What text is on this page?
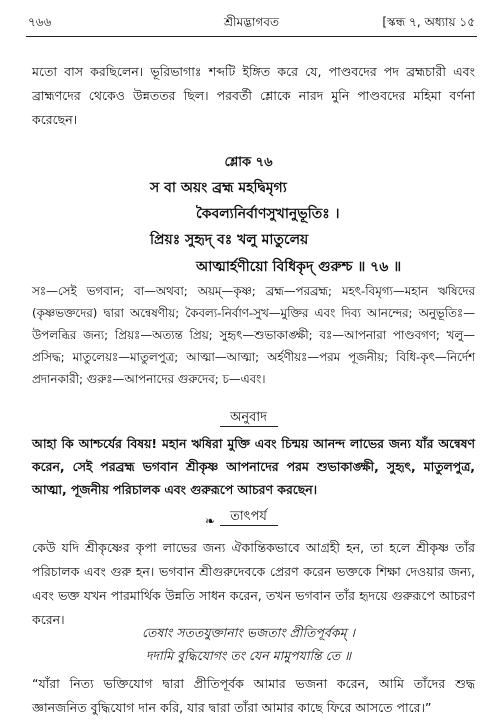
৭৬৬	শ্রীমদ্ভাগবত	[স্কন্ধ ৭, অধ্যায় ১৫
মতো বাস করছিলেন। ভূরিভাগাঃ শব্দটি ইঙ্গিত করে যে, পাণ্ডবদের পদ ব্রহ্মচারী এবং ব্রাহ্মণদের থেকেও উন্নততর ছিল। পরবর্তী শ্লোকে নারদ মুনি পাণ্ডবদের মহিমা বর্ণনা করেছেন।
শ্লোক ৭৬
স বা অয়ং ব্রহ্ম মহদ্বিমৃগ্য
কৈবল্যনির্বাণসুখানুভূতিঃ ।
প্রিয়ঃ সুহৃদ্ বঃ খলু মাতুলেয়
আত্মার্হণীয়ো বিধিকৃদ্ গুরুশ্চ ॥ ৭৬ ॥
সঃ—সেই ভগবান; বা—অথবা; অয়ম্—কৃষ্ণ; ব্রহ্ম—পরব্রহ্ম; মহৎ-বিমৃগ্য—মহান ঋষিদের (কৃষ্ণভক্তদের) দ্বারা অন্বেষণীয়; কৈবল্য-নির্বাণ-সুখ—মুক্তির এবং দিব্য আনন্দের; অনুভূতিঃ—উপলব্ধির জন্য; প্রিয়ঃ—অত্যন্ত প্রিয়; সুহৃৎ—শুভাকাঙ্ক্ষী; বঃ—আপনারা পাণ্ডবগণ; খলু—প্রসিদ্ধ; মাতুলেয়ঃ—মাতুলপুত্র; আত্মা—আত্মা; অর্হণীয়ঃ—পরম পূজনীয়; বিধি-কৃৎ—নির্দেশ প্রদানকারী; গুরুঃ—আপনাদের গুরুদেব; চ—এবং।
অনুবাদ
আহা কি আশ্চর্যের বিষয়! মহান ঋষিরা মুক্তি এবং চিন্ময় আনন্দ লাভের জন্য যাঁর অন্বেষণ করেন, সেই পরব্রহ্ম ভগবান শ্রীকৃষ্ণ আপনাদের পরম শুভাকাঙ্ক্ষী, সুহৃৎ, মাতুলপুত্র, আত্মা, পূজনীয় পরিচালক এবং গুরুরূপে আচরণ করছেন।
❧	তাৎপর্য
কেউ যদি শ্রীকৃষ্ণের কৃপা লাভের জন্য ঐকান্তিকভাবে আগ্রহী হন, তা হলে শ্রীকৃষ্ণ তাঁর পরিচালক এবং গুরু হন। ভগবান শ্রীগুরুদেবকে প্রেরণ করেন ভক্তকে শিক্ষা দেওয়ার জন্য, এবং ভক্ত যখন পারমার্থিক উন্নতি সাধন করেন, তখন ভগবান তাঁর হৃদয়ে গুরুরূপে আচরণ করেন।
তেষাং সততযুক্তানাং ভজতাং প্রীতিপূর্বকম্ ।
দদামি বুদ্ধিযোগং তং যেন মামুপযান্তি তে ॥
“যাঁরা নিত্য ভক্তিযোগ দ্বারা প্রীতিপূর্বক আমার ভজনা করেন, আমি তাঁদের শুদ্ধ জ্ঞানজনিত বুদ্ধিযোগ দান করি, যার দ্বারা তাঁরা আমার কাছে ফিরে আসতে পারে।”
